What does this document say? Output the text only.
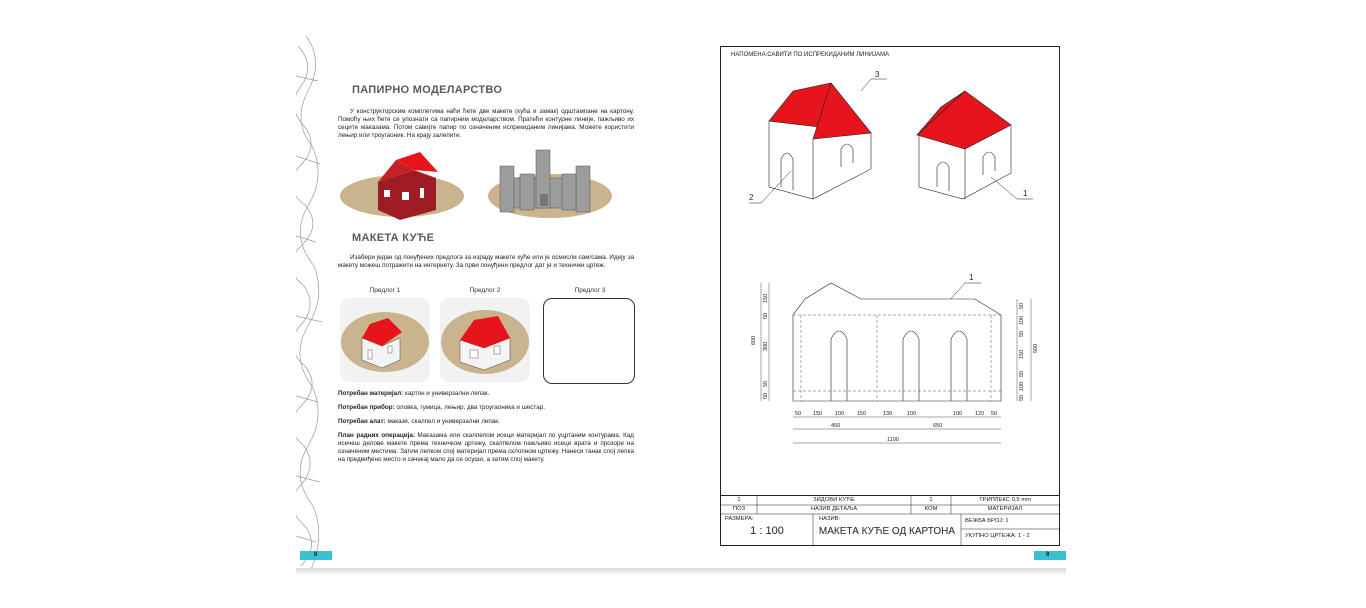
ПАПИРНО МОДЕЛАРСТВО
У конструкторским комплетима наћи ћете две макете (кућа и замак) одштампане на картону. Помоћу њих ћете се упознати са папирним моделарством. Пратећи контурне линије, пажљиво их сеците маказама. Потом савијте папир по означеним испрекиданим линијама. Можете користити лењир или троугаоник. На крају залепите.
МАКЕТА КУЋЕ
Изабери један од понуђених предлога за израду макете куће или је осмисли сам/сама. Идеју за макету можеш потражити на интернету. За први понуђени предлог дат је и технички цртеж.
Предлог 1	Предлог 2	Предлог 3
Потребан материјал: картон и универзални лепак.
Потребан прибор: оловка, гумица, лењир, два троугаоника и шестар.
Потребан алат: маказе, скалпел и универзални лепак.
План радних операција: Маказама или скалпелом исеци материјал по уцртаним контурама. Кад исечеш делове макете према техничком цртежу, скалпелом пажљиво исеци врата и прозоре на означеним местима. Затим лепком спој материјал према склопном цртежу. Нанеси танак слој лепка на предвиђено место и сачекај мало да се осуши, а затим спој макету.
8
НАПОМЕНА:САВИТИ ПО ИСПРЕКИДАНИМ ЛИНИЈАМА
3
2	1
1
600
150
50
300
50
50
500
50
100
50
150
50
100
50
50 150 100 150	130	100	100 120 50
450	650
1100
1	ЗИДОВИ КУЋЕ	1	ТРИПЛЕКС 0,5 mm
ПОЗ	НАЗИВ ДЕТАЉА	КОМ	МАТЕРИЈАЛ
РАЗМЕРА:
1 : 100
НАЗИВ:
МАКЕТА КУЋЕ ОД КАРТОНА
ВЕЖБА БРОЈ: 1
УКУПНО ЦРТЕЖА: 1 - 2
9
